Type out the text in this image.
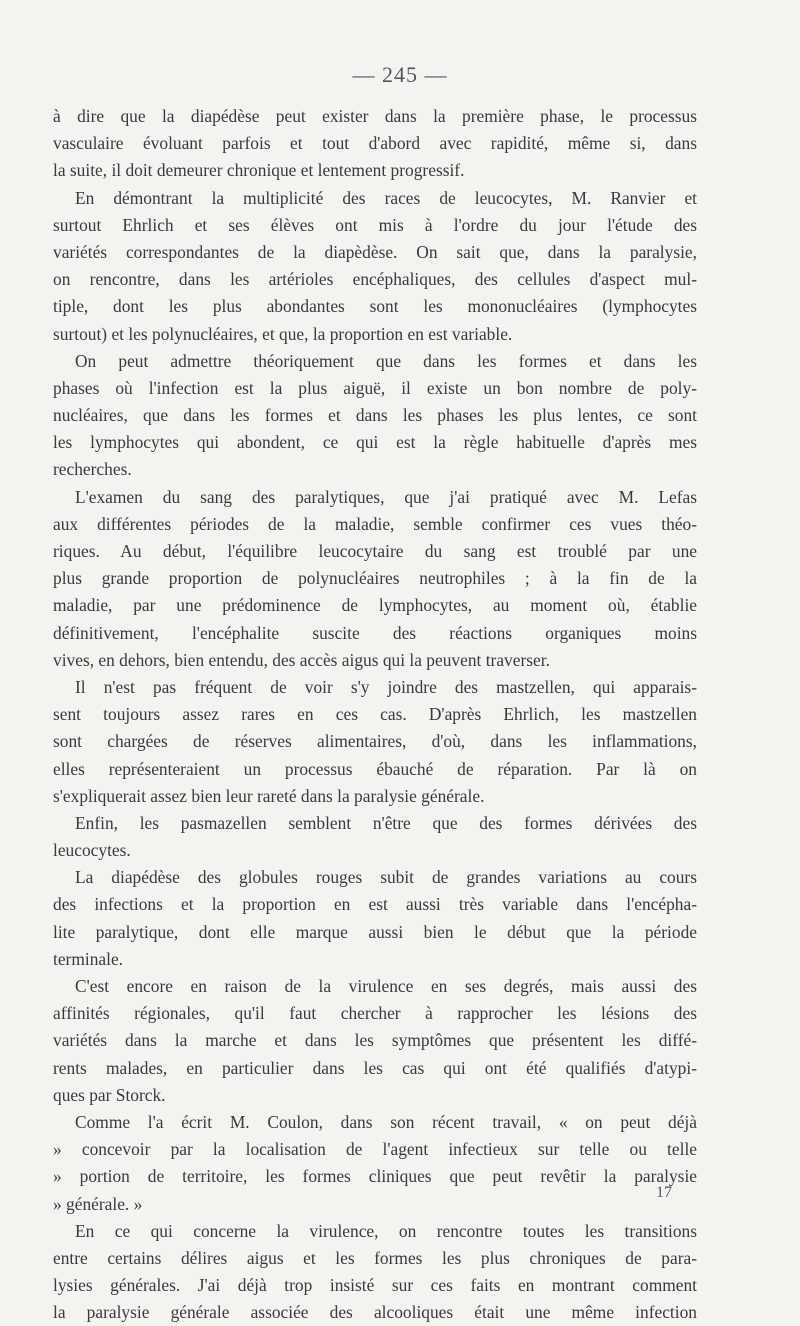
— 245 —
à dire que la diapédèse peut exister dans la première phase, le processus
vasculaire évoluant parfois et tout d'abord avec rapidité, même si, dans
la suite, il doit demeurer chronique et lentement progressif.
En démontrant la multiplicité des races de leucocytes, M. Ranvier et
surtout Ehrlich et ses élèves ont mis à l'ordre du jour l'étude des
variétés correspondantes de la diapèdèse. On sait que, dans la paralysie,
on rencontre, dans les artérioles encéphaliques, des cellules d'aspect mul-
tiple, dont les plus abondantes sont les mononucléaires (lymphocytes
surtout) et les polynucléaires, et que, la proportion en est variable.
On peut admettre théoriquement que dans les formes et dans les
phases où l'infection est la plus aiguë, il existe un bon nombre de poly-
nucléaires, que dans les formes et dans les phases les plus lentes, ce sont
les lymphocytes qui abondent, ce qui est la règle habituelle d'après mes
recherches.
L'examen du sang des paralytiques, que j'ai pratiqué avec M. Lefas
aux différentes périodes de la maladie, semble confirmer ces vues théo-
riques. Au début, l'équilibre leucocytaire du sang est troublé par une
plus grande proportion de polynucléaires neutrophiles ; à la fin de la
maladie, par une prédominence de lymphocytes, au moment où, établie
définitivement, l'encéphalite suscite des réactions organiques moins
vives, en dehors, bien entendu, des accès aigus qui la peuvent traverser.
Il n'est pas fréquent de voir s'y joindre des mastzellen, qui apparais-
sent toujours assez rares en ces cas. D'après Ehrlich, les mastzellen
sont chargées de réserves alimentaires, d'où, dans les inflammations,
elles représenteraient un processus ébauché de réparation. Par là on
s'expliquerait assez bien leur rareté dans la paralysie générale.
Enfin, les pasmazellen semblent n'être que des formes dérivées des
leucocytes.
La diapédèse des globules rouges subit de grandes variations au cours
des infections et la proportion en est aussi très variable dans l'encépha-
lite paralytique, dont elle marque aussi bien le début que la période
terminale.
C'est encore en raison de la virulence en ses degrés, mais aussi des
affinités régionales, qu'il faut chercher à rapprocher les lésions des
variétés dans la marche et dans les symptômes que présentent les diffé-
rents malades, en particulier dans les cas qui ont été qualifiés d'atypi-
ques par Storck.
Comme l'a écrit M. Coulon, dans son récent travail, « on peut déjà
» concevoir par la localisation de l'agent infectieux sur telle ou telle
» portion de territoire, les formes cliniques que peut revêtir la paralysie
» générale. »
En ce qui concerne la virulence, on rencontre toutes les transitions
entre certains délires aigus et les formes les plus chroniques de para-
lysies générales. J'ai déjà trop insisté sur ces faits en montrant comment
la paralysie générale associée des alcooliques était une même infection
17
